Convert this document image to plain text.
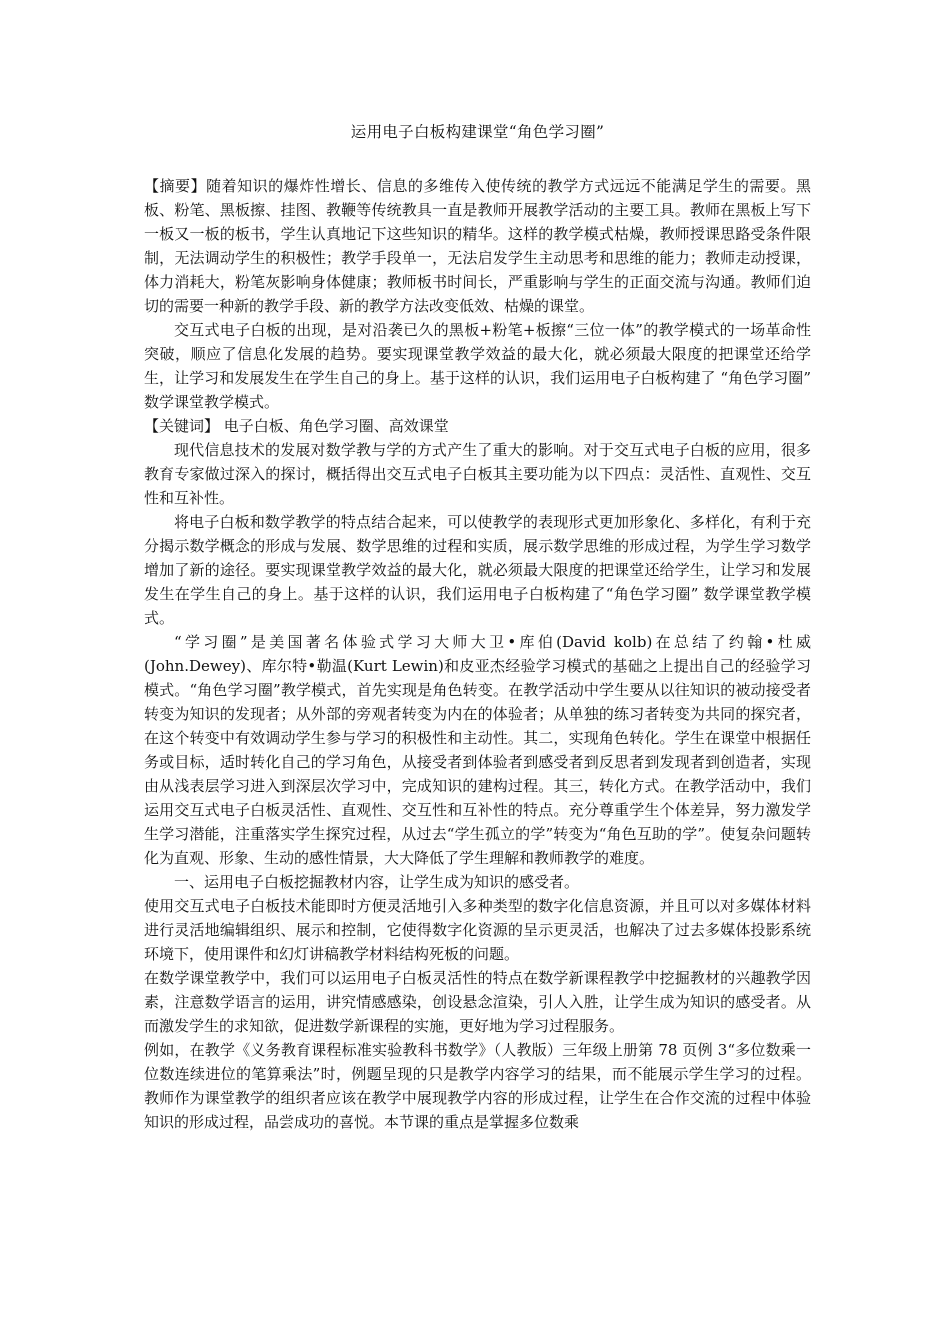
运用电子白板构建课堂“角色学习圈”

【摘要】随着知识的爆炸性增长、信息的多维传入使传统的教学方式远远不能满足学生的需要。黑板、粉笔、黑板擦、挂图、教鞭等传统教具一直是教师开展教学活动的主要工具。教师在黑板上写下一板又一板的板书，学生认真地记下这些知识的精华。这样的教学模式枯燥，教师授课思路受条件限制，无法调动学生的积极性；教学手段单一，无法启发学生主动思考和思维的能力；教师走动授课，体力消耗大，粉笔灰影响身体健康；教师板书时间长，严重影响与学生的正面交流与沟通。教师们迫切的需要一种新的教学手段、新的教学方法改变低效、枯燥的课堂。

交互式电子白板的出现，是对沿袭已久的黑板+粉笔+板擦“三位一体”的教学模式的一场革命性突破，顺应了信息化发展的趋势。要实现课堂教学效益的最大化，就必须最大限度的把课堂还给学生，让学习和发展发生在学生自己的身上。基于这样的认识，我们运用电子白板构建了 “角色学习圈” 数学课堂教学模式。

【关键词】 电子白板、角色学习圈、高效课堂

现代信息技术的发展对数学教与学的方式产生了重大的影响。对于交互式电子白板的应用，很多教育专家做过深入的探讨，概括得出交互式电子白板其主要功能为以下四点：灵活性、直观性、交互性和互补性。

将电子白板和数学教学的特点结合起来，可以使教学的表现形式更加形象化、多样化，有利于充分揭示数学概念的形成与发展、数学思维的过程和实质，展示数学思维的形成过程，为学生学习数学增加了新的途径。要实现课堂教学效益的最大化，就必须最大限度的把课堂还给学生，让学习和发展发生在学生自己的身上。基于这样的认识，我们运用电子白板构建了“角色学习圈” 数学课堂教学模式。

“学习圈”是美国著名体验式学习大师大卫•库伯(David kolb)在总结了约翰•杜威(John.Dewey)、库尔特•勒温(Kurt Lewin)和皮亚杰经验学习模式的基础之上提出自己的经验学习模式。“角色学习圈”教学模式，首先实现是角色转变。在教学活动中学生要从以往知识的被动接受者转变为知识的发现者；从外部的旁观者转变为内在的体验者；从单独的练习者转变为共同的探究者，在这个转变中有效调动学生参与学习的积极性和主动性。其二，实现角色转化。学生在课堂中根据任务或目标，适时转化自己的学习角色，从接受者到体验者到感受者到反思者到发现者到创造者，实现由从浅表层学习进入到深层次学习中，完成知识的建构过程。其三，转化方式。在教学活动中，我们运用交互式电子白板灵活性、直观性、交互性和互补性的特点。充分尊重学生个体差异，努力激发学生学习潜能，注重落实学生探究过程，从过去“学生孤立的学”转变为“角色互助的学”。使复杂问题转化为直观、形象、生动的感性情景，大大降低了学生理解和教师教学的难度。

一、运用电子白板挖掘教材内容，让学生成为知识的感受者。

使用交互式电子白板技术能即时方便灵活地引入多种类型的数字化信息资源，并且可以对多媒体材料进行灵活地编辑组织、展示和控制，它使得数字化资源的呈示更灵活，也解决了过去多媒体投影系统环境下，使用课件和幻灯讲稿教学材料结构死板的问题。

在数学课堂教学中，我们可以运用电子白板灵活性的特点在数学新课程教学中挖掘教材的兴趣教学因素，注意数学语言的运用，讲究情感感染，创设悬念渲染，引人入胜，让学生成为知识的感受者。从而激发学生的求知欲，促进数学新课程的实施，更好地为学习过程服务。

例如，在教学《义务教育课程标准实验教科书数学》（人教版）三年级上册第 78 页例 3“多位数乘一位数连续进位的笔算乘法”时，例题呈现的只是教学内容学习的结果，而不能展示学生学习的过程。教师作为课堂教学的组织者应该在教学中展现教学内容的形成过程，让学生在合作交流的过程中体验知识的形成过程，品尝成功的喜悦。本节课的重点是掌握多位数乘
